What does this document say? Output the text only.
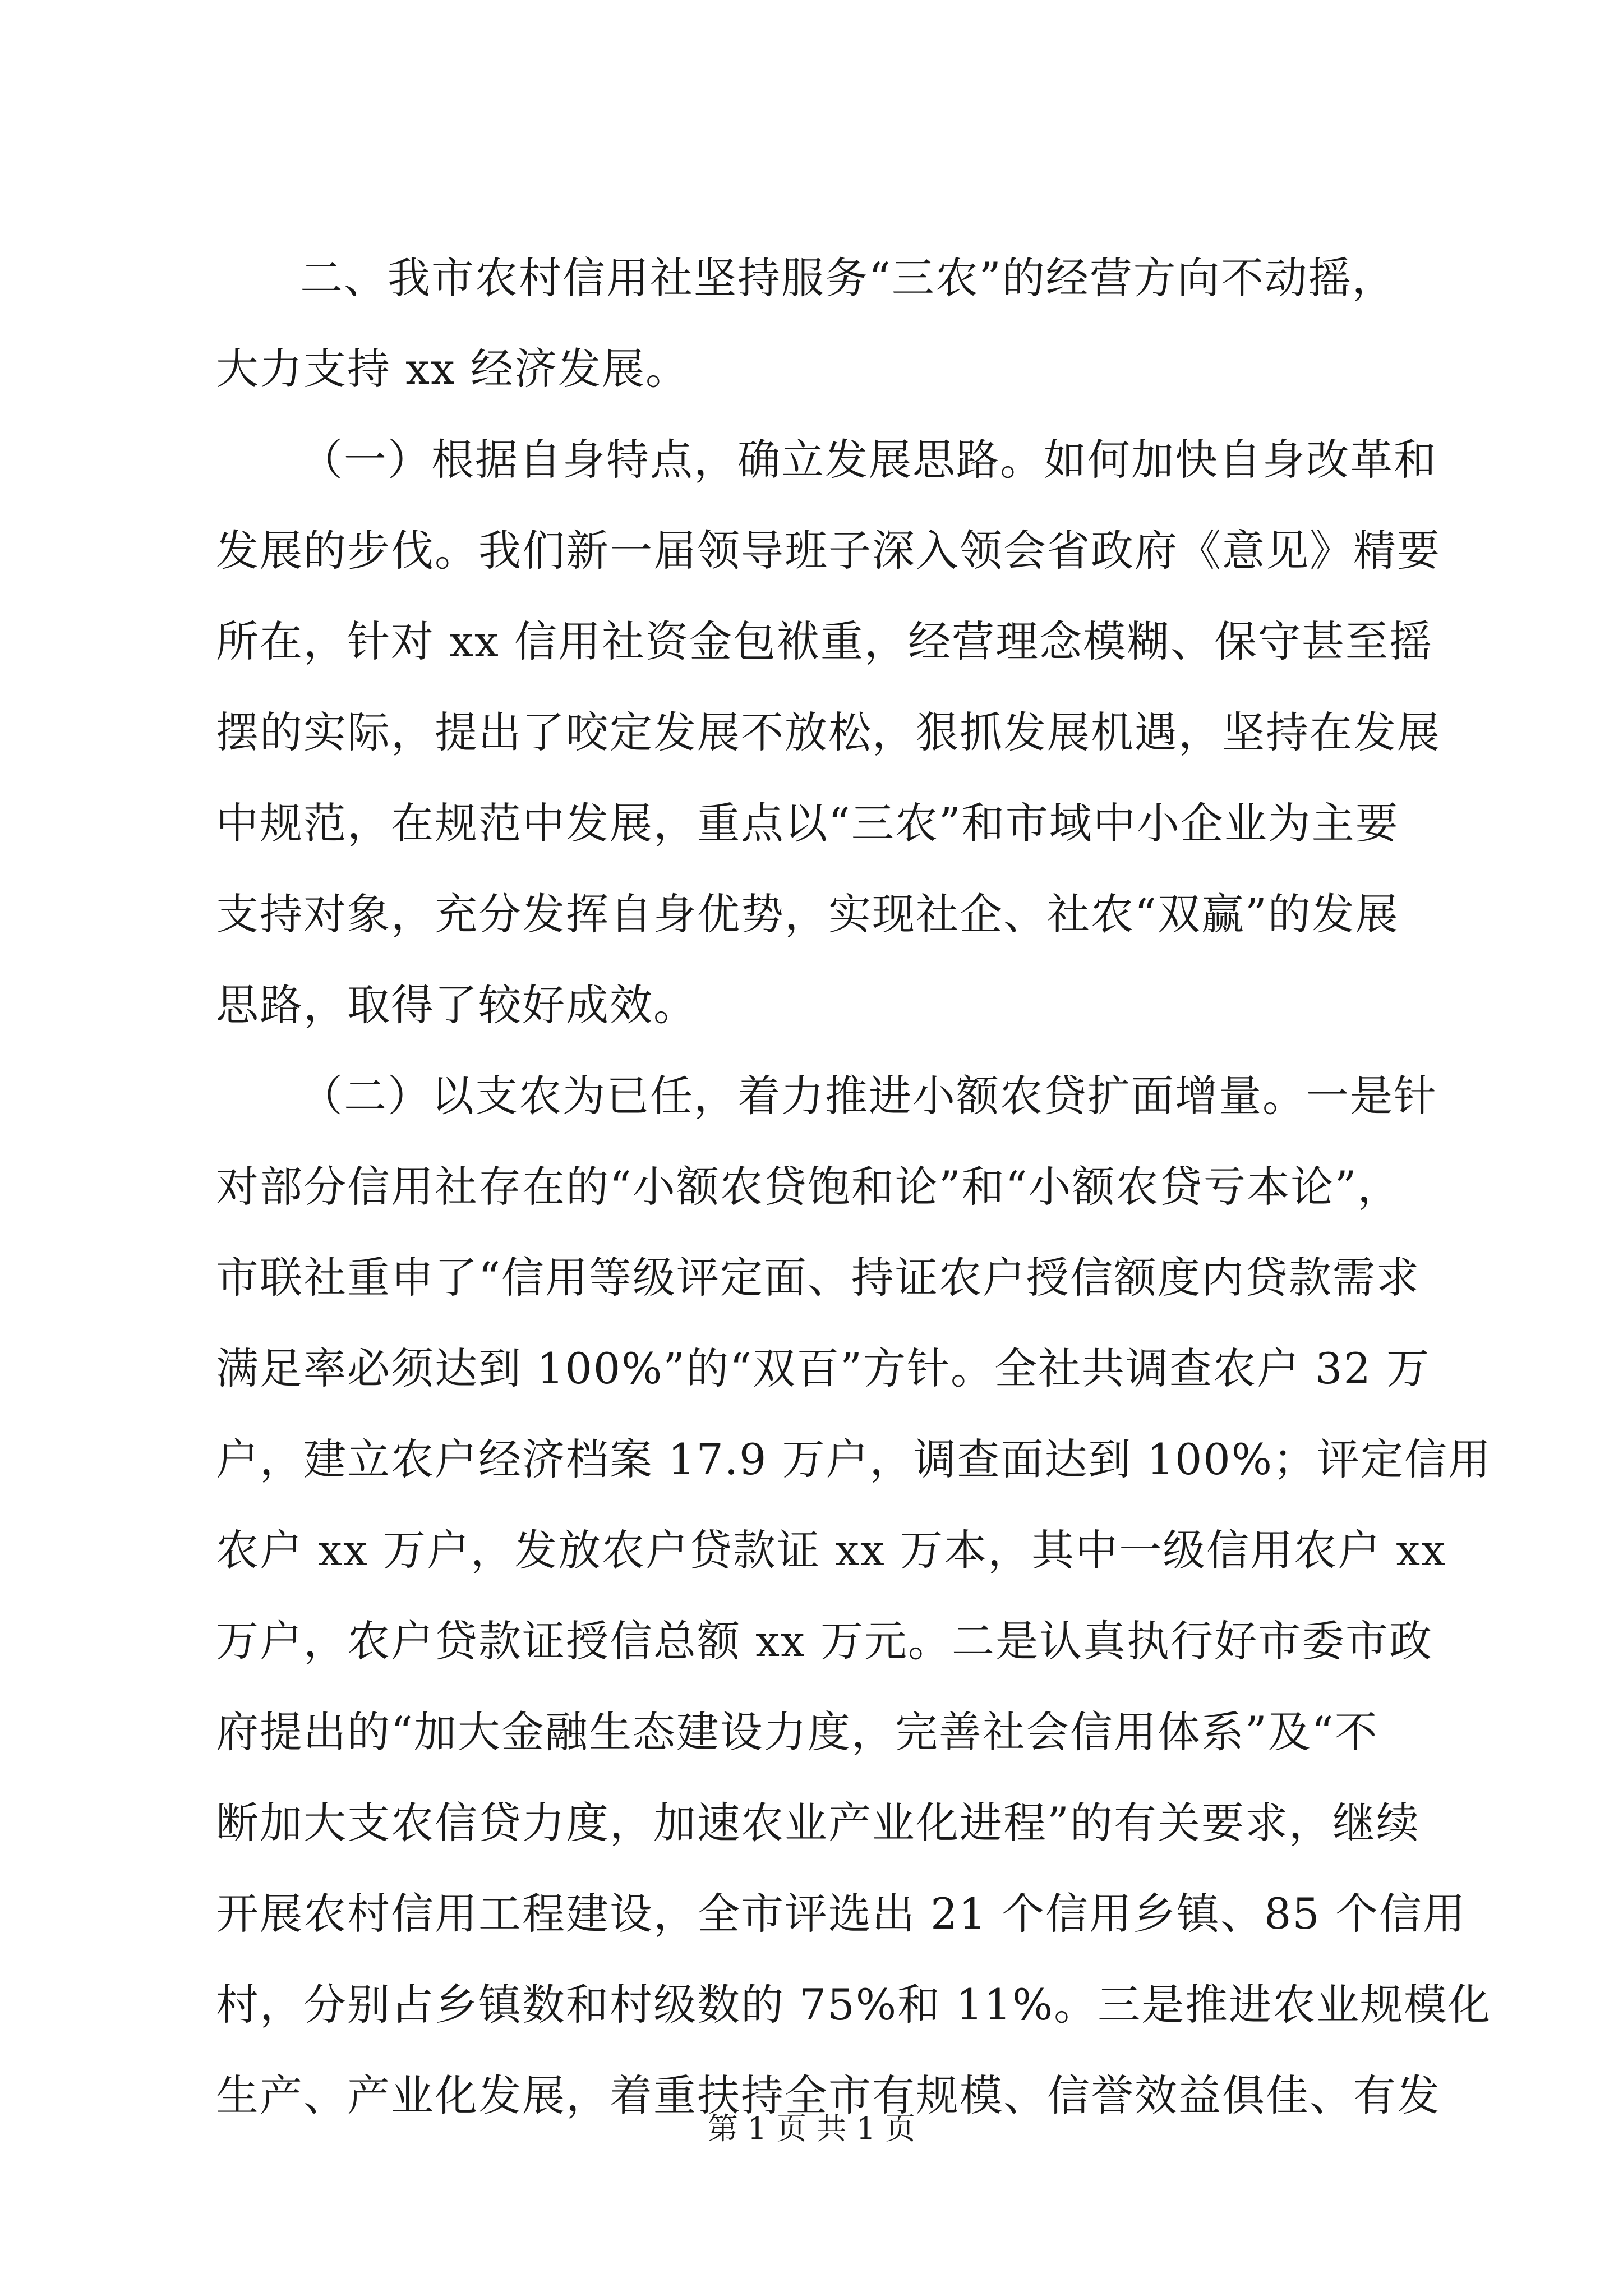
二、我市农村信用社坚持服务“三农”的经营方向不动摇，
大力支持 xx 经济发展。
（一）根据自身特点，确立发展思路。如何加快自身改革和
发展的步伐。我们新一届领导班子深入领会省政府《意见》精要
所在，针对 xx 信用社资金包袱重，经营理念模糊、保守甚至摇
摆的实际，提出了咬定发展不放松，狠抓发展机遇，坚持在发展
中规范，在规范中发展，重点以“三农”和市域中小企业为主要
支持对象，充分发挥自身优势，实现社企、社农“双赢”的发展
思路，取得了较好成效。
（二）以支农为已任，着力推进小额农贷扩面增量。一是针
对部分信用社存在的“小额农贷饱和论”和“小额农贷亏本论”，
市联社重申了“信用等级评定面、持证农户授信额度内贷款需求
满足率必须达到 100%”的“双百”方针。全社共调查农户 32 万
户，建立农户经济档案 17.9 万户，调查面达到 100%；评定信用
农户 xx 万户，发放农户贷款证 xx 万本，其中一级信用农户 xx
万户，农户贷款证授信总额 xx 万元。二是认真执行好市委市政
府提出的“加大金融生态建设力度，完善社会信用体系”及“不
断加大支农信贷力度，加速农业产业化进程”的有关要求，继续
开展农村信用工程建设，全市评选出 21 个信用乡镇、85 个信用
村，分别占乡镇数和村级数的 75%和 11%。三是推进农业规模化
生产、产业化发展，着重扶持全市有规模、信誉效益俱佳、有发
第 1 页 共 1 页
